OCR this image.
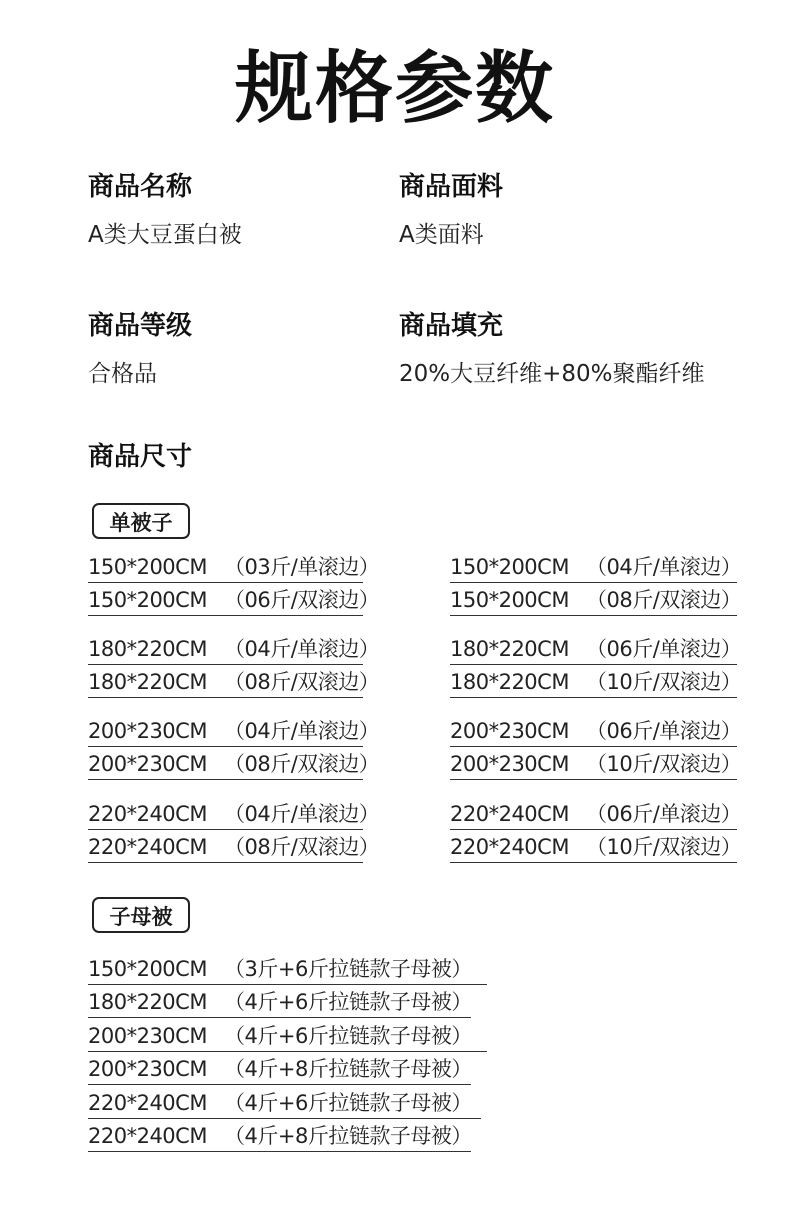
规格参数
商品名称
A类大豆蛋白被
商品面料
A类面料
商品等级
合格品
商品填充
20%大豆纤维+80%聚酯纤维
商品尺寸
单被子
150*200CM （03斤/单滚边）	150*200CM （04斤/单滚边）
150*200CM （06斤/双滚边）	150*200CM （08斤/双滚边）
180*220CM （04斤/单滚边）	180*220CM （06斤/单滚边）
180*220CM （08斤/双滚边）	180*220CM （10斤/双滚边）
200*230CM （04斤/单滚边）	200*230CM （06斤/单滚边）
200*230CM （08斤/双滚边）	200*230CM （10斤/双滚边）
220*240CM （04斤/单滚边）	220*240CM （06斤/单滚边）
220*240CM （08斤/双滚边）	220*240CM （10斤/双滚边）
子母被
150*200CM （3斤+6斤拉链款子母被）
180*220CM （4斤+6斤拉链款子母被）
200*230CM （4斤+6斤拉链款子母被）
200*230CM （4斤+8斤拉链款子母被）
220*240CM （4斤+6斤拉链款子母被）
220*240CM （4斤+8斤拉链款子母被）
